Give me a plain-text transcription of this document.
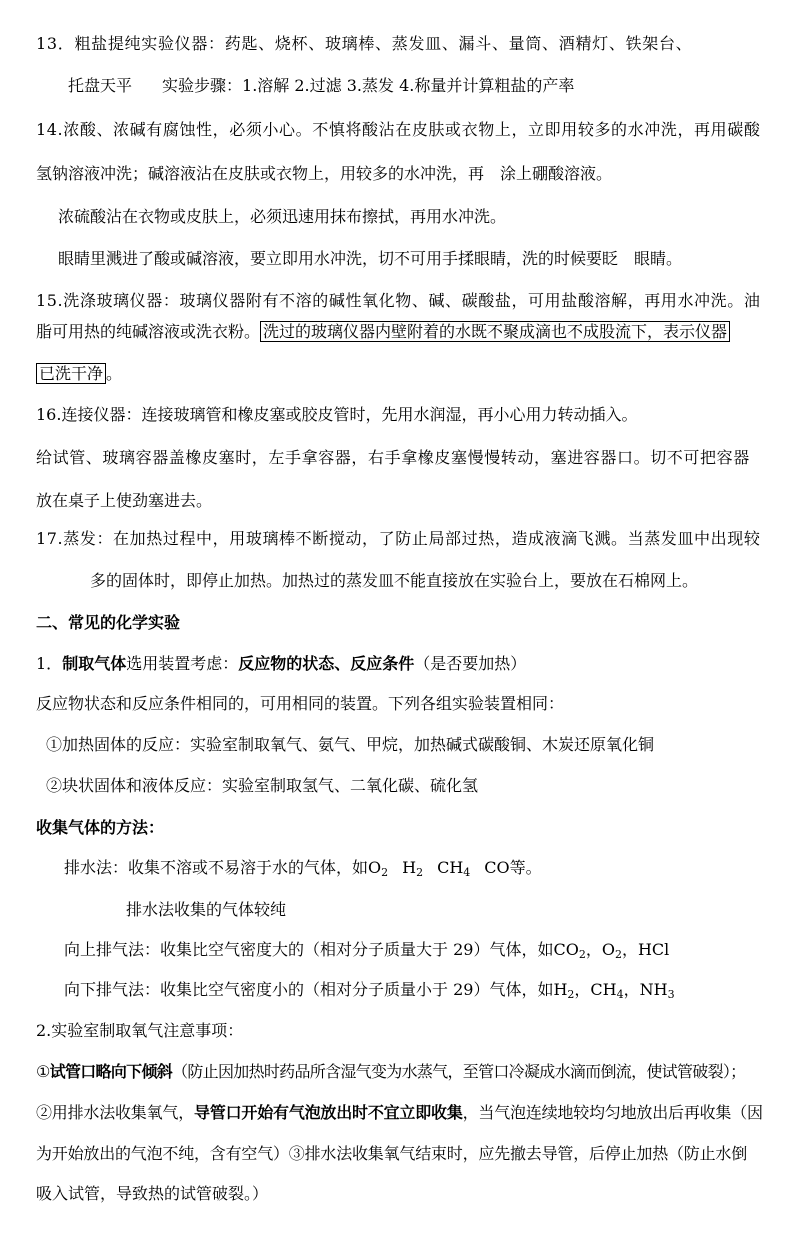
13．粗盐提纯实验仪器：药匙、烧杯、玻璃棒、蒸发皿、漏斗、量筒、酒精灯、铁架台、
托盘天平 实验步骤：1.溶解 2.过滤 3.蒸发 4.称量并计算粗盐的产率
14.浓酸、浓碱有腐蚀性，必须小心。不慎将酸沾在皮肤或衣物上，立即用较多的水冲洗，再用碳酸
氢钠溶液冲洗；碱溶液沾在皮肤或衣物上，用较多的水冲洗，再　涂上硼酸溶液。
浓硫酸沾在衣物或皮肤上，必须迅速用抹布擦拭，再用水冲洗。
眼睛里溅进了酸或碱溶液，要立即用水冲洗，切不可用手揉眼睛，洗的时候要眨　眼睛。
15.洗涤玻璃仪器：玻璃仪器附有不溶的碱性氧化物、碱、碳酸盐，可用盐酸溶解，再用水冲洗。油
脂可用热的纯碱溶液或洗衣粉。 洗过的玻璃仪器内壁附着的水既不聚成滴也不成股流下，表示仪器
已洗干净 。
16.连接仪器：连接玻璃管和橡皮塞或胶皮管时，先用水润湿，再小心用力转动插入。
给试管、玻璃容器盖橡皮塞时，左手拿容器，右手拿橡皮塞慢慢转动，塞进容器口。切不可把容器
放在桌子上使劲塞进去。
17.蒸发：在加热过程中，用玻璃棒不断搅动，了防止局部过热，造成液滴飞溅。当蒸发皿中出现较
多的固体时，即停止加热。加热过的蒸发皿不能直接放在实验台上，要放在石棉网上。
二、常见的化学实验
1．制取气体选用装置考虑：反应物的状态、反应条件（是否要加热）
反应物状态和反应条件相同的，可用相同的装置。下列各组实验装置相同：
①加热固体的反应：实验室制取氧气、氨气、甲烷，加热碱式碳酸铜、木炭还原氧化铜
②块状固体和液体反应：实验室制取氢气、二氧化碳、硫化氢
收集气体的方法：
排水法：收集不溶或不易溶于水的气体，如$O_2$ $H_2$ $CH_4$ CO等。
排水法收集的气体较纯
向上排气法：收集比空气密度大的（相对分子质量大于 29）气体，如$CO_2$，$O_2$，HCl
向下排气法：收集比空气密度小的（相对分子质量小于 29）气体，如$H_2$，$CH_4$，$NH_3$
2.实验室制取氧气注意事项：
①试管口略向下倾斜（防止因加热时药品所含湿气变为水蒸气，至管口冷凝成水滴而倒流，使试管破裂）；
②用排水法收集氧气，导管口开始有气泡放出时不宜立即收集，当气泡连续地较均匀地放出后再收集（因
为开始放出的气泡不纯，含有空气）③排水法收集氧气结束时，应先撤去导管，后停止加热（防止水倒
吸入试管，导致热的试管破裂。）
